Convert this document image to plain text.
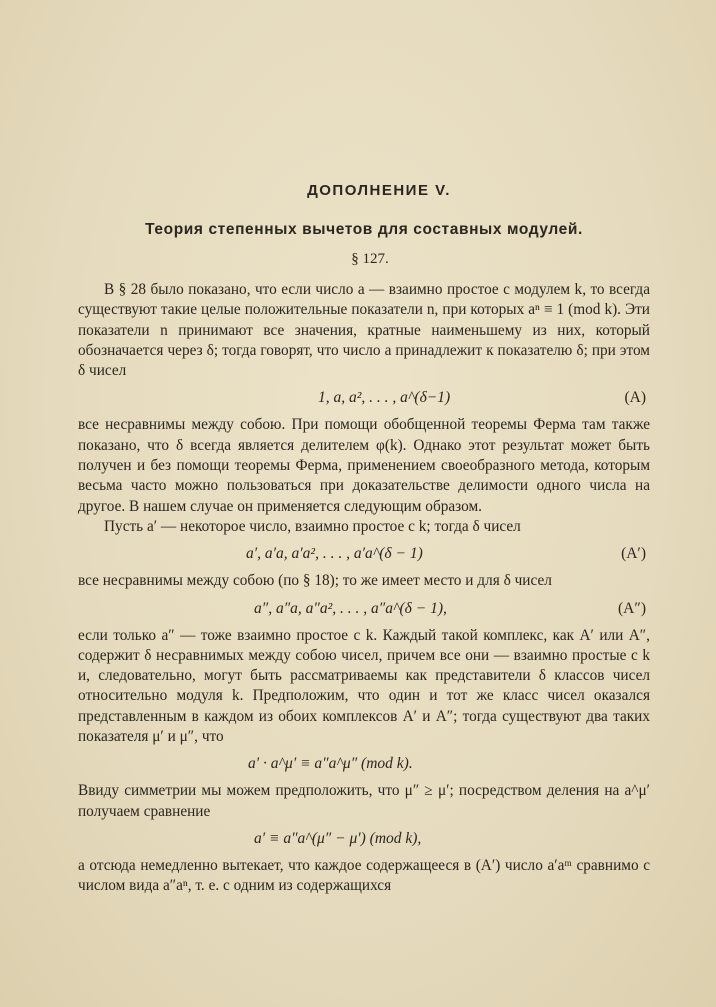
ДОПОЛНЕНИЕ V.
Теория степенных вычетов для составных модулей.
§ 127.

В § 28 было показано, что если число a — взаимно простое с модулем k, то всегда существуют такие целые положительные показатели n, при которых aⁿ ≡ 1 (mod k). Эти показатели n принимают все значения, кратные наименьшему из них, который обозначается через δ; тогда говорят, что число a принадлежит к показателю δ; при этом δ чисел

1, a, a², . . . , a^(δ−1)	(A)

все несравнимы между собою. При помощи обобщенной теоремы Ферма там также показано, что δ всегда является делителем φ(k). Однако этот результат может быть получен и без помощи теоремы Ферма, применением своеобразного метода, которым весьма часто можно пользоваться при доказательстве делимости одного числа на другое. В нашем случае он применяется следующим образом.

Пусть a′ — некоторое число, взаимно простое с k; тогда δ чисел

a′, a′a, a′a², . . . , a′a^(δ − 1)	(A′)

все несравнимы между собою (по § 18); то же имеет место и для δ чисел

a″, a″a, a″a², . . . , a″a^(δ − 1),	(A″)

если только a″ — тоже взаимно простое с k. Каждый такой комплекс, как A′ или A″, содержит δ несравнимых между собою чисел, причем все они — взаимно простые с k и, следовательно, могут быть рассматриваемы как представители δ классов чисел относительно модуля k. Предположим, что один и тот же класс чисел оказался представленным в каждом из обоих комплексов A′ и A″; тогда существуют два таких показателя μ′ и μ″, что

a′ · a^μ′ ≡ a″a^μ″ (mod k).

Ввиду симметрии мы можем предположить, что μ″ ≥ μ′; посредством деления на a^μ′ получаем сравнение

a′ ≡ a″a^(μ″ − μ′) (mod k),

а отсюда немедленно вытекает, что каждое содержащееся в (A′) число a′aᵐ сравнимо с числом вида a″aⁿ, т. е. с одним из содержащихся
